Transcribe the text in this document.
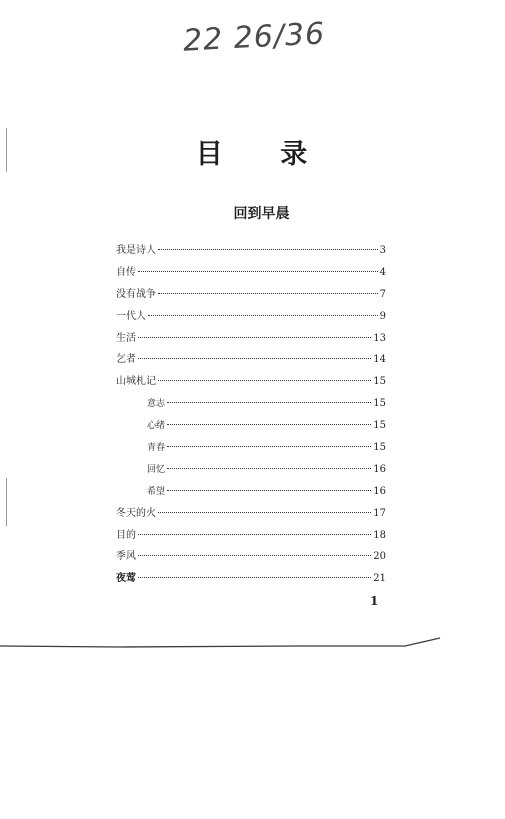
22 26/36
目 录
回到早晨
我是诗人	3
自传	4
没有战争	7
一代人	9
生活	13
乞者	14
山城札记	15
意志	15
心绪	15
青春	15
回忆	16
希望	16
冬天的火	17
目的	18
季风	20
夜莺	21
1
